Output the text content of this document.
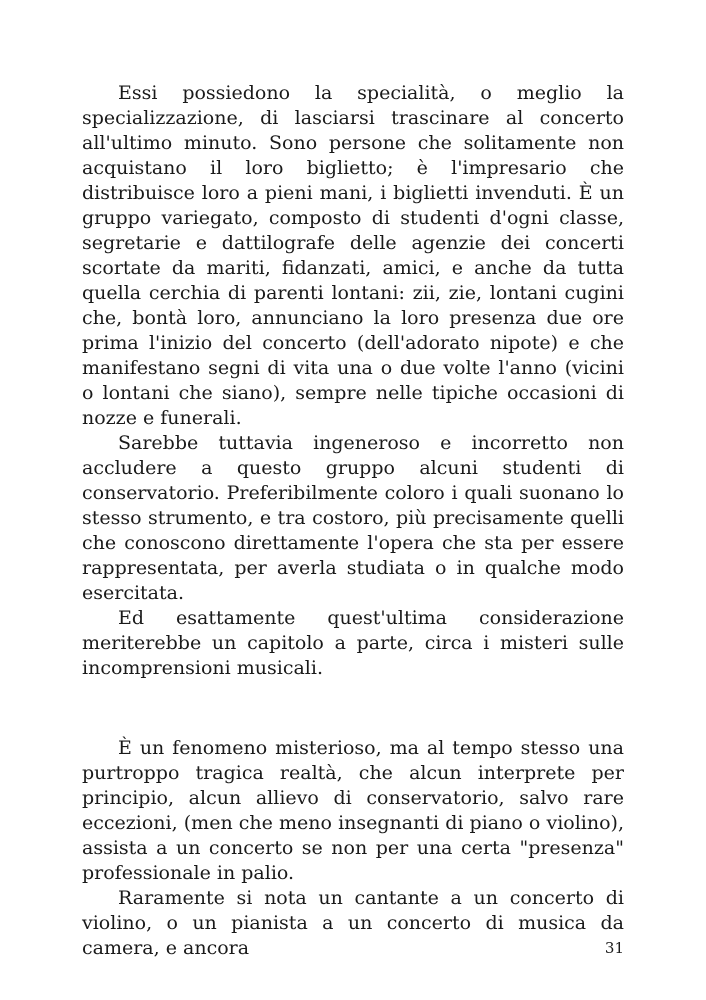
Essi possiedono la specialità, o meglio la specializzazione, di lasciarsi trascinare al concerto all'ultimo minuto. Sono persone che solitamente non acquistano il loro biglietto; è l'impresario che distribuisce loro a pieni mani, i biglietti invenduti. È un gruppo variegato, composto di studenti d'ogni classe, segretarie e dattilografe delle agenzie dei concerti scortate da mariti, fidanzati, amici, e anche da tutta quella cerchia di parenti lontani: zii, zie, lontani cugini che, bontà loro, annunciano la loro presenza due ore prima l'inizio del concerto (dell'adorato nipote) e che manifestano segni di vita una o due volte l'anno (vicini o lontani che siano), sempre nelle tipiche occasioni di nozze e funerali.

Sarebbe tuttavia ingeneroso e incorretto non accludere a questo gruppo alcuni studenti di conservatorio. Preferibilmente coloro i quali suonano lo stesso strumento, e tra costoro, più precisamente quelli che conoscono direttamente l'opera che sta per essere rappresentata, per averla studiata o in qualche modo esercitata.

Ed esattamente quest'ultima considerazione meriterebbe un capitolo a parte, circa i misteri sulle incomprensioni musicali.

È un fenomeno misterioso, ma al tempo stesso una purtroppo tragica realtà, che alcun interprete per principio, alcun allievo di conservatorio, salvo rare eccezioni, (men che meno insegnanti di piano o violino), assista a un concerto se non per una certa "presenza" professionale in palio.

Raramente si nota un cantante a un concerto di violino, o un pianista a un concerto di musica da camera, e ancora	31
